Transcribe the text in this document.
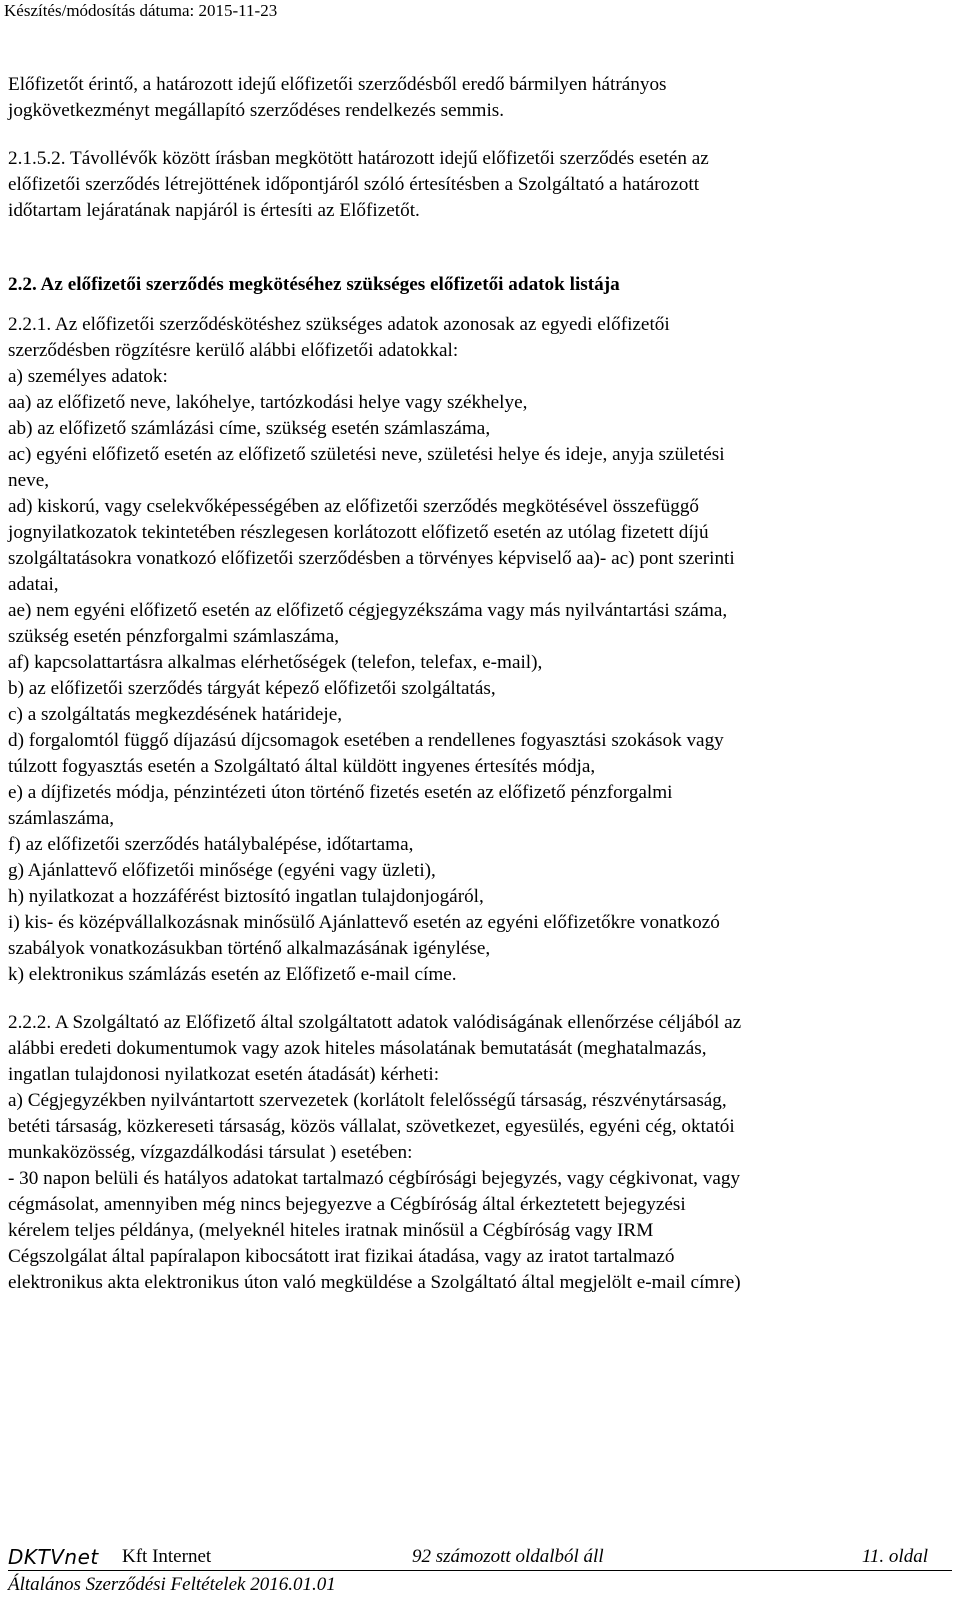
Készítés/módosítás dátuma: 2015-11-23
Előfizetőt érintő, a határozott idejű előfizetői szerződésből eredő bármilyen hátrányos
jogkövetkezményt megállapító szerződéses rendelkezés semmis.
2.1.5.2. Távollévők között írásban megkötött határozott idejű előfizetői szerződés esetén az
előfizetői szerződés létrejöttének időpontjáról szóló értesítésben a Szolgáltató a határozott
időtartam lejáratának napjáról is értesíti az Előfizetőt.
2.2. Az előfizetői szerződés megkötéséhez szükséges előfizetői adatok listája
2.2.1. Az előfizetői szerződéskötéshez szükséges adatok azonosak az egyedi előfizetői
szerződésben rögzítésre kerülő alábbi előfizetői adatokkal:
a) személyes adatok:
aa) az előfizető neve, lakóhelye, tartózkodási helye vagy székhelye,
ab) az előfizető számlázási címe, szükség esetén számlaszáma,
ac) egyéni előfizető esetén az előfizető születési neve, születési helye és ideje, anyja születési
neve,
ad) kiskorú, vagy cselekvőképességében az előfizetői szerződés megkötésével összefüggő
jognyilatkozatok tekintetében részlegesen korlátozott előfizető esetén az utólag fizetett díjú
szolgáltatásokra vonatkozó előfizetői szerződésben a törvényes képviselő aa)- ac) pont szerinti
adatai,
ae) nem egyéni előfizető esetén az előfizető cégjegyzékszáma vagy más nyilvántartási száma,
szükség esetén pénzforgalmi számlaszáma,
af) kapcsolattartásra alkalmas elérhetőségek (telefon, telefax, e-mail),
b) az előfizetői szerződés tárgyát képező előfizetői szolgáltatás,
c) a szolgáltatás megkezdésének határideje,
d) forgalomtól függő díjazású díjcsomagok esetében a rendellenes fogyasztási szokások vagy
túlzott fogyasztás esetén a Szolgáltató által küldött ingyenes értesítés módja,
e) a díjfizetés módja, pénzintézeti úton történő fizetés esetén az előfizető pénzforgalmi
számlaszáma,
f) az előfizetői szerződés hatálybalépése, időtartama,
g) Ajánlattevő előfizetői minősége (egyéni vagy üzleti),
h) nyilatkozat a hozzáférést biztosító ingatlan tulajdonjogáról,
i) kis- és középvállalkozásnak minősülő Ajánlattevő esetén az egyéni előfizetőkre vonatkozó
szabályok vonatkozásukban történő alkalmazásának igénylése,
k) elektronikus számlázás esetén az Előfizető e-mail címe.
2.2.2. A Szolgáltató az Előfizető által szolgáltatott adatok valódiságának ellenőrzése céljából az
alábbi eredeti dokumentumok vagy azok hiteles másolatának bemutatását (meghatalmazás,
ingatlan tulajdonosi nyilatkozat esetén átadását) kérheti:
a) Cégjegyzékben nyilvántartott szervezetek (korlátolt felelősségű társaság, részvénytársaság,
betéti társaság, közkereseti társaság, közös vállalat, szövetkezet, egyesülés, egyéni cég, oktatói
munkaközösség, vízgazdálkodási társulat ) esetében:
- 30 napon belüli és hatályos adatokat tartalmazó cégbírósági bejegyzés, vagy cégkivonat, vagy
cégmásolat, amennyiben még nincs bejegyezve a Cégbíróság által érkeztetett bejegyzési
kérelem teljes példánya, (melyeknél hiteles iratnak minősül a Cégbíróság vagy IRM
Cégszolgálat által papíralapon kibocsátott irat fizikai átadása, vagy az iratot tartalmazó
elektronikus akta elektronikus úton való megküldése a Szolgáltató által megjelölt e-mail címre)
DKTVnet Kft Internet	92 számozott oldalból áll	11. oldal
Általános Szerződési Feltételek 2016.01.01
